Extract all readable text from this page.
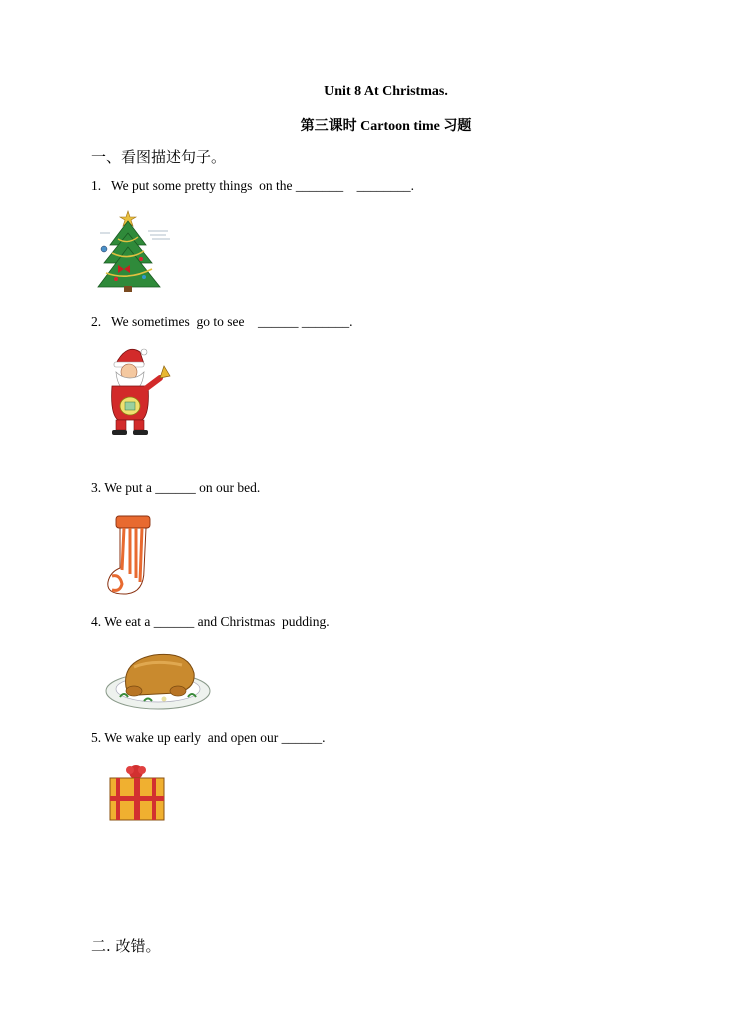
Unit 8 At Christmas.
第三课时 Cartoon time 习题
一、看图描述句子。
1.   We put some pretty things  on the _______    ________.
2.   We sometimes  go to see    ______ _______.
3. We put a ______ on our bed.
4. We eat a ______ and Christmas  pudding.
5. We wake up early  and open our ______.
二. 改错。
